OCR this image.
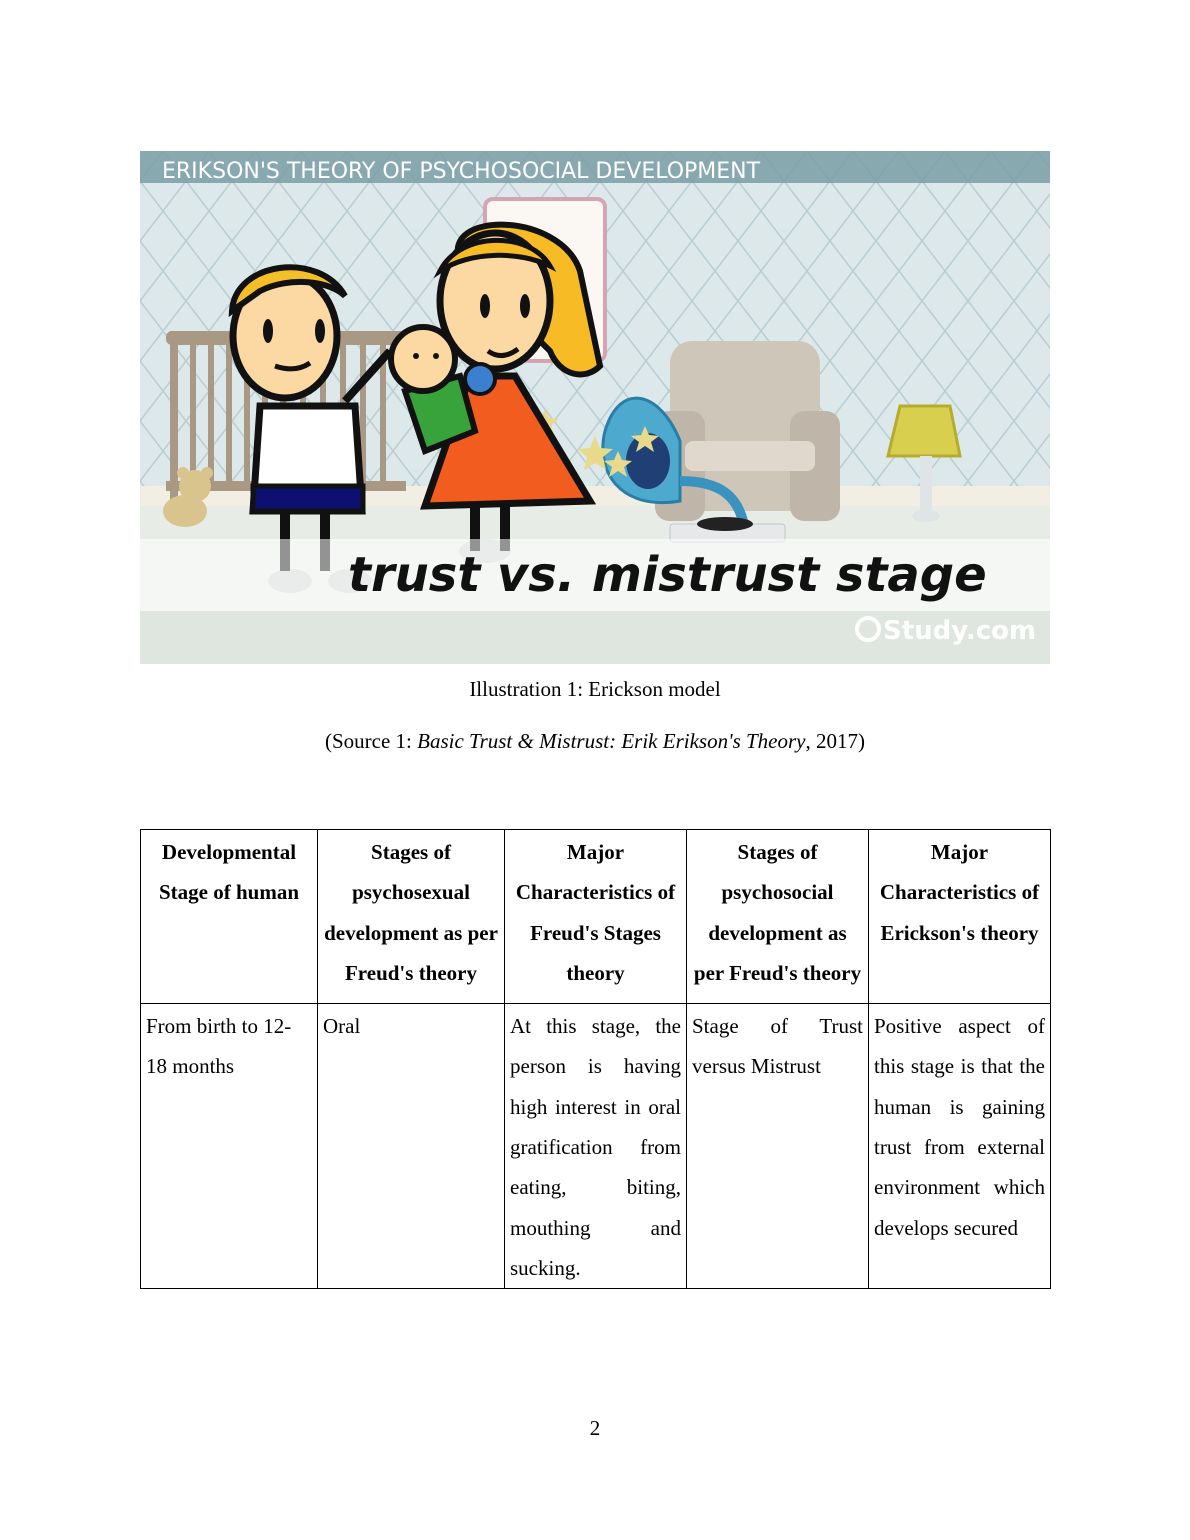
ERIKSON'S THEORY OF PSYCHOSOCIAL DEVELOPMENT
trust vs. mistrust stage
Study.com
Illustration 1: Erickson model
(Source 1: Basic Trust & Mistrust: Erik Erikson's Theory, 2017)
Developmental Stage of human	Stages of psychosexual development as per Freud's theory	Major Characteristics of Freud's Stages theory	Stages of psychosocial development as per Freud's theory	Major Characteristics of Erickson's theory
From birth to 12-18 months	Oral	At this stage, the person is having high interest in oral gratification from eating, biting, mouthing and sucking.	Stage of Trust versus Mistrust	Positive aspect of this stage is that the human is gaining trust from external environment which develops secured
2
